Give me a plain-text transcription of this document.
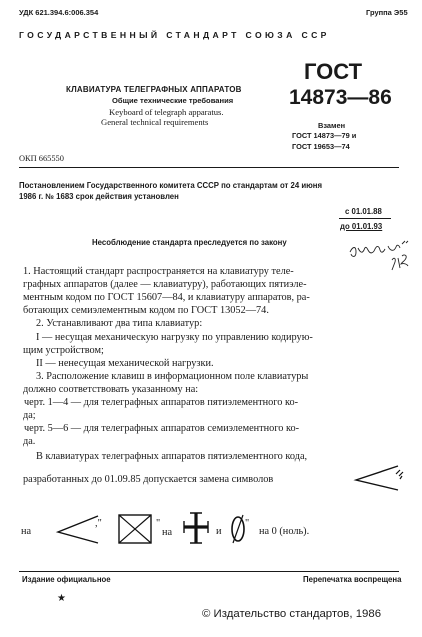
УДК 621.394.6:006.354	Группа Э55
ГОСУДАРСТВЕННЫЙ СТАНДАРТ СОЮЗА ССР
КЛАВИАТУРА ТЕЛЕГРАФНЫХ АППАРАТОВ
Общие технические требования
Keyboard of telegraph apparatus.
General technical requirements
ГОСТ
14873—86
Взамен
ГОСТ 14873—79 и
ГОСТ 19653—74
ОКП 665550
Постановлением Государственного комитета СССР по стандартам от 24 июня
1986 г. № 1683 срок действия установлен
с 01.01.88
до 01.01.93
Несоблюдение стандарта преследуется по закону
1. Настоящий стандарт распространяется на клавиатуру теле-
графных аппаратов (далее — клавиатуру), работающих пятиэле-
ментным кодом по ГОСТ 15607—84, и клавиатуру аппаратов, ра-
ботающих семиэлементным кодом по ГОСТ 13052—74.
2. Устанавливают два типа клавиатур:
I — несущая механическую нагрузку по управлению кодирую-
щим устройством;
II — ненесущая механической нагрузки.
3. Расположение клавиш в информационном поле клавиатуры
должно соответствовать указанному на:
черт. 1—4 — для телеграфных аппаратов пятиэлементного ко-
да;
черт. 5—6 — для телеграфных аппаратов семиэлементного ко-
да.
В клавиатурах телеграфных аппаратов пятиэлементного кода,
разработанных до 01.09.85 допускается замена символов
на
," ☒ "
на	и
"
на 0 (ноль).
Издание официальное	Перепечатка воспрещена
★
© Издательство стандартов, 1986
